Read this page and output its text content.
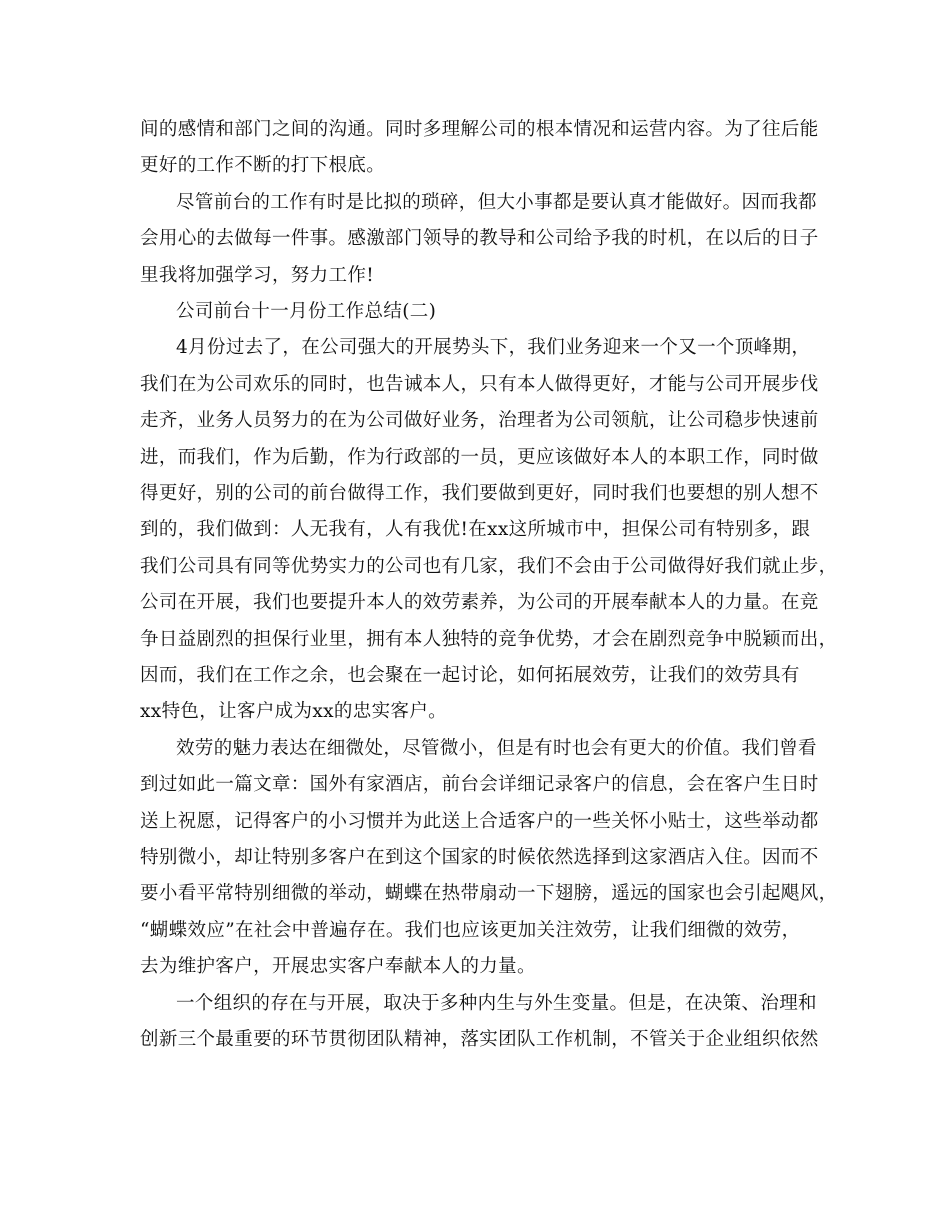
间的感情和部门之间的沟通。同时多理解公司的根本情况和运营内容。为了往后能
更好的工作不断的打下根底。
尽管前台的工作有时是比拟的琐碎，但大小事都是要认真才能做好。因而我都
会用心的去做每一件事。感激部门领导的教导和公司给予我的时机，在以后的日子
里我将加强学习，努力工作!
公司前台十一月份工作总结(二)
4月份过去了，在公司强大的开展势头下，我们业务迎来一个又一个顶峰期，
我们在为公司欢乐的同时，也告诫本人，只有本人做得更好，才能与公司开展步伐
走齐，业务人员努力的在为公司做好业务，治理者为公司领航，让公司稳步快速前
进，而我们，作为后勤，作为行政部的一员，更应该做好本人的本职工作，同时做
得更好，别的公司的前台做得工作，我们要做到更好，同时我们也要想的别人想不
到的，我们做到：人无我有，人有我优!在xx这所城市中，担保公司有特别多，跟
我们公司具有同等优势实力的公司也有几家，我们不会由于公司做得好我们就止步，
公司在开展，我们也要提升本人的效劳素养，为公司的开展奉献本人的力量。在竞
争日益剧烈的担保行业里，拥有本人独特的竞争优势，才会在剧烈竞争中脱颖而出，
因而，我们在工作之余，也会聚在一起讨论，如何拓展效劳，让我们的效劳具有
xx特色，让客户成为xx的忠实客户。
效劳的魅力表达在细微处，尽管微小，但是有时也会有更大的价值。我们曾看
到过如此一篇文章：国外有家酒店，前台会详细记录客户的信息，会在客户生日时
送上祝愿，记得客户的小习惯并为此送上合适客户的一些关怀小贴士，这些举动都
特别微小，却让特别多客户在到这个国家的时候依然选择到这家酒店入住。因而不
要小看平常特别细微的举动，蝴蝶在热带扇动一下翅膀，遥远的国家也会引起飓风，
“蝴蝶效应”在社会中普遍存在。我们也应该更加关注效劳，让我们细微的效劳，
去为维护客户，开展忠实客户奉献本人的力量。
一个组织的存在与开展，取决于多种内生与外生变量。但是，在决策、治理和
创新三个最重要的环节贯彻团队精神，落实团队工作机制，不管关于企业组织依然
